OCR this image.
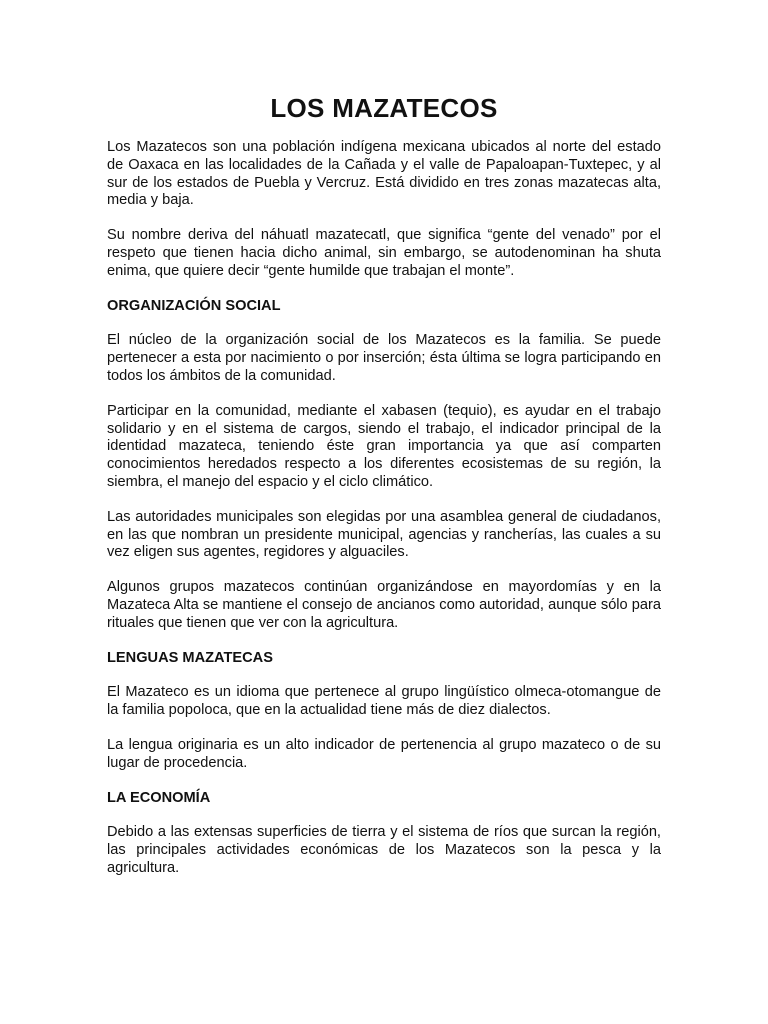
LOS MAZATECOS

Los Mazatecos son una población indígena mexicana ubicados al norte del estado de Oaxaca en las localidades de la Cañada y el valle de Papaloapan-Tuxtepec, y al sur de los estados de Puebla y Vercruz. Está dividido en tres zonas mazatecas alta, media y baja.

Su nombre deriva del náhuatl mazatecatl, que significa “gente del venado” por el respeto que tienen hacia dicho animal, sin embargo, se autodenominan ha shuta enima, que quiere decir “gente humilde que trabajan el monte”.

ORGANIZACIÓN SOCIAL

El núcleo de la organización social de los Mazatecos es la familia. Se puede pertenecer a esta por nacimiento o por inserción; ésta última se logra participando en todos los ámbitos de la comunidad.

Participar en la comunidad, mediante el xabasen (tequio), es ayudar en el trabajo solidario y en el sistema de cargos, siendo el trabajo, el indicador principal de la identidad mazateca, teniendo éste gran importancia ya que así comparten conocimientos heredados respecto a los diferentes ecosistemas de su región, la siembra, el manejo del espacio y el ciclo climático.

Las autoridades municipales son elegidas por una asamblea general de ciudadanos, en las que nombran un presidente municipal, agencias y rancherías, las cuales a su vez eligen sus agentes, regidores y alguaciles.

Algunos grupos mazatecos continúan organizándose en mayordomías y en la Mazateca Alta se mantiene el consejo de ancianos como autoridad, aunque sólo para rituales que tienen que ver con la agricultura.

LENGUAS MAZATECAS

El Mazateco es un idioma que pertenece al grupo lingüístico olmeca-otomangue de la familia popoloca, que en la actualidad tiene más de diez dialectos.

La lengua originaria es un alto indicador de pertenencia al grupo mazateco o de su lugar de procedencia.

LA ECONOMÍA

Debido a las extensas superficies de tierra y el sistema de ríos que surcan la región, las principales actividades económicas de los Mazatecos son la pesca y la agricultura.
